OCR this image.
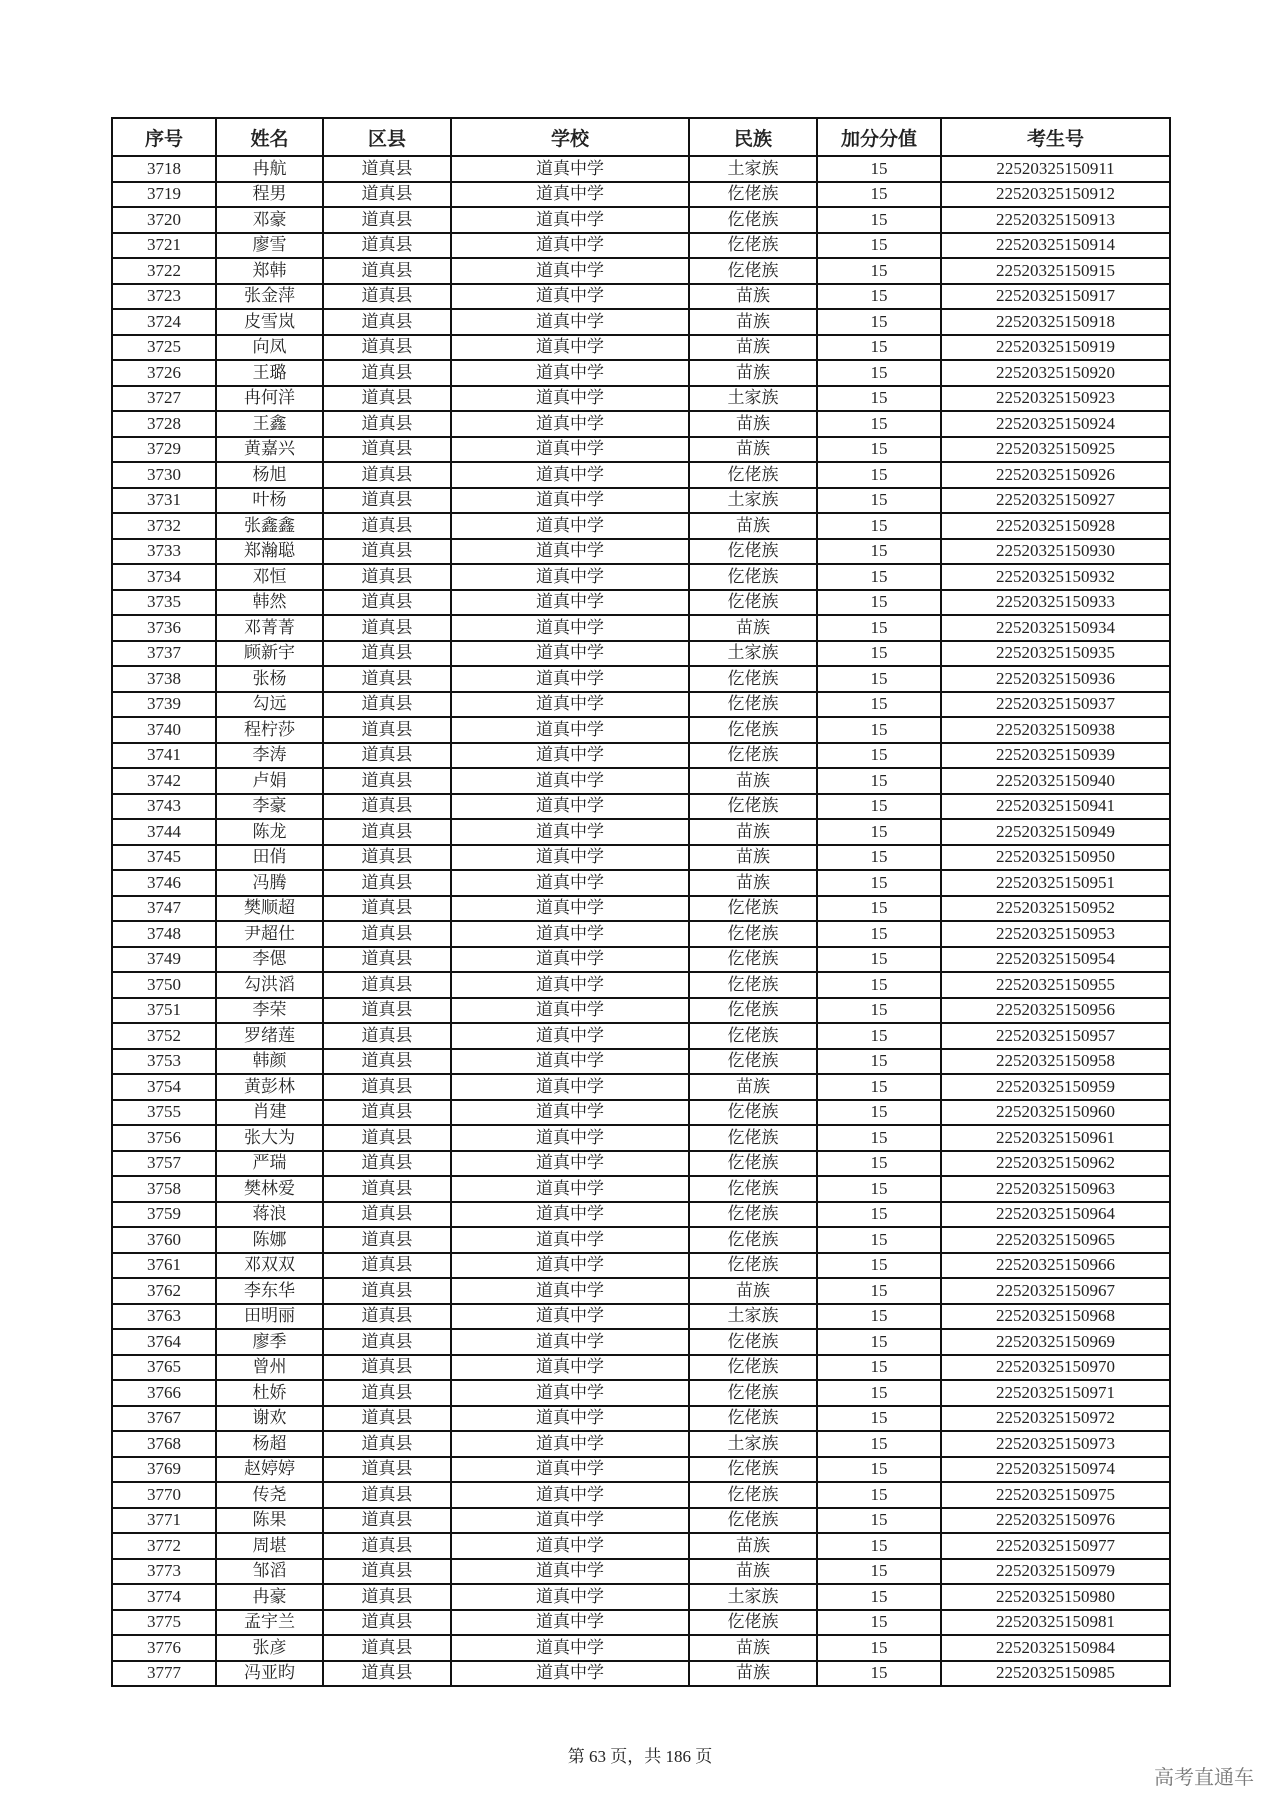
序号	姓名	区县	学校	民族	加分分值	考生号
3718	冉航	道真县	道真中学	土家族	15	22520325150911
3719	程男	道真县	道真中学	仡佬族	15	22520325150912
3720	邓豪	道真县	道真中学	仡佬族	15	22520325150913
3721	廖雪	道真县	道真中学	仡佬族	15	22520325150914
3722	郑韩	道真县	道真中学	仡佬族	15	22520325150915
3723	张金萍	道真县	道真中学	苗族	15	22520325150917
3724	皮雪岚	道真县	道真中学	苗族	15	22520325150918
3725	向凤	道真县	道真中学	苗族	15	22520325150919
3726	王璐	道真县	道真中学	苗族	15	22520325150920
3727	冉何洋	道真县	道真中学	土家族	15	22520325150923
3728	王鑫	道真县	道真中学	苗族	15	22520325150924
3729	黄嘉兴	道真县	道真中学	苗族	15	22520325150925
3730	杨旭	道真县	道真中学	仡佬族	15	22520325150926
3731	叶杨	道真县	道真中学	土家族	15	22520325150927
3732	张鑫鑫	道真县	道真中学	苗族	15	22520325150928
3733	郑瀚聪	道真县	道真中学	仡佬族	15	22520325150930
3734	邓恒	道真县	道真中学	仡佬族	15	22520325150932
3735	韩然	道真县	道真中学	仡佬族	15	22520325150933
3736	邓菁菁	道真县	道真中学	苗族	15	22520325150934
3737	顾新宇	道真县	道真中学	土家族	15	22520325150935
3738	张杨	道真县	道真中学	仡佬族	15	22520325150936
3739	勾远	道真县	道真中学	仡佬族	15	22520325150937
3740	程柠莎	道真县	道真中学	仡佬族	15	22520325150938
3741	李涛	道真县	道真中学	仡佬族	15	22520325150939
3742	卢娟	道真县	道真中学	苗族	15	22520325150940
3743	李豪	道真县	道真中学	仡佬族	15	22520325150941
3744	陈龙	道真县	道真中学	苗族	15	22520325150949
3745	田俏	道真县	道真中学	苗族	15	22520325150950
3746	冯腾	道真县	道真中学	苗族	15	22520325150951
3747	樊顺超	道真县	道真中学	仡佬族	15	22520325150952
3748	尹超仕	道真县	道真中学	仡佬族	15	22520325150953
3749	李偲	道真县	道真中学	仡佬族	15	22520325150954
3750	勾洪滔	道真县	道真中学	仡佬族	15	22520325150955
3751	李荣	道真县	道真中学	仡佬族	15	22520325150956
3752	罗绪莲	道真县	道真中学	仡佬族	15	22520325150957
3753	韩颜	道真县	道真中学	仡佬族	15	22520325150958
3754	黄彭林	道真县	道真中学	苗族	15	22520325150959
3755	肖建	道真县	道真中学	仡佬族	15	22520325150960
3756	张大为	道真县	道真中学	仡佬族	15	22520325150961
3757	严瑞	道真县	道真中学	仡佬族	15	22520325150962
3758	樊林爱	道真县	道真中学	仡佬族	15	22520325150963
3759	蒋浪	道真县	道真中学	仡佬族	15	22520325150964
3760	陈娜	道真县	道真中学	仡佬族	15	22520325150965
3761	邓双双	道真县	道真中学	仡佬族	15	22520325150966
3762	李东华	道真县	道真中学	苗族	15	22520325150967
3763	田明丽	道真县	道真中学	土家族	15	22520325150968
3764	廖季	道真县	道真中学	仡佬族	15	22520325150969
3765	曾州	道真县	道真中学	仡佬族	15	22520325150970
3766	杜娇	道真县	道真中学	仡佬族	15	22520325150971
3767	谢欢	道真县	道真中学	仡佬族	15	22520325150972
3768	杨超	道真县	道真中学	土家族	15	22520325150973
3769	赵婷婷	道真县	道真中学	仡佬族	15	22520325150974
3770	传尧	道真县	道真中学	仡佬族	15	22520325150975
3771	陈果	道真县	道真中学	仡佬族	15	22520325150976
3772	周堪	道真县	道真中学	苗族	15	22520325150977
3773	邹滔	道真县	道真中学	苗族	15	22520325150979
3774	冉豪	道真县	道真中学	土家族	15	22520325150980
3775	孟宇兰	道真县	道真中学	仡佬族	15	22520325150981
3776	张彦	道真县	道真中学	苗族	15	22520325150984
3777	冯亚昀	道真县	道真中学	苗族	15	22520325150985
第 63 页，共 186 页
高考直通车
